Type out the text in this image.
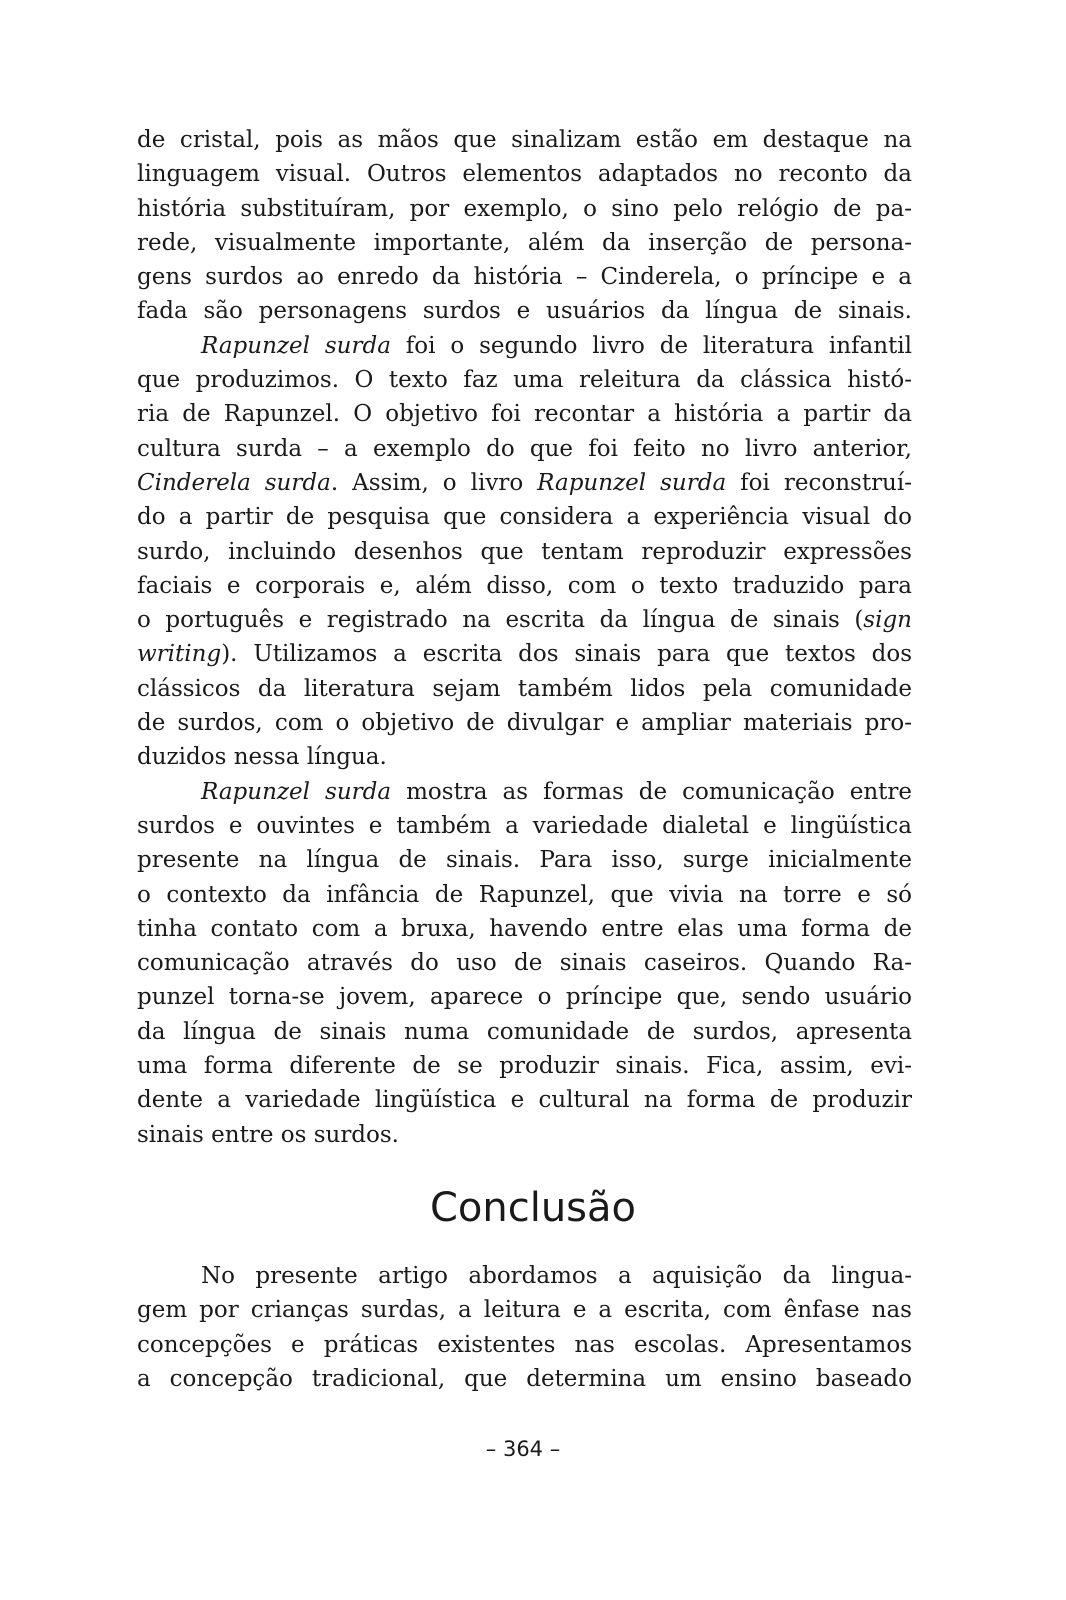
de cristal, pois as mãos que sinalizam estão em destaque na
linguagem visual. Outros elementos adaptados no reconto da
história substituíram, por exemplo, o sino pelo relógio de pa-
rede, visualmente importante, além da inserção de persona-
gens surdos ao enredo da história – Cinderela, o príncipe e a
fada são personagens surdos e usuários da língua de sinais.
Rapunzel surda foi o segundo livro de literatura infantil
que produzimos. O texto faz uma releitura da clássica histó-
ria de Rapunzel. O objetivo foi recontar a história a partir da
cultura surda – a exemplo do que foi feito no livro anterior,
Cinderela surda. Assim, o livro Rapunzel surda foi reconstruí-
do a partir de pesquisa que considera a experiência visual do
surdo, incluindo desenhos que tentam reproduzir expressões
faciais e corporais e, além disso, com o texto traduzido para
o português e registrado na escrita da língua de sinais (sign
writing). Utilizamos a escrita dos sinais para que textos dos
clássicos da literatura sejam também lidos pela comunidade
de surdos, com o objetivo de divulgar e ampliar materiais pro-
duzidos nessa língua.
Rapunzel surda mostra as formas de comunicação entre
surdos e ouvintes e também a variedade dialetal e lingüística
presente na língua de sinais. Para isso, surge inicialmente
o contexto da infância de Rapunzel, que vivia na torre e só
tinha contato com a bruxa, havendo entre elas uma forma de
comunicação através do uso de sinais caseiros. Quando Ra-
punzel torna-se jovem, aparece o príncipe que, sendo usuário
da língua de sinais numa comunidade de surdos, apresenta
uma forma diferente de se produzir sinais. Fica, assim, evi-
dente a variedade lingüística e cultural na forma de produzir
sinais entre os surdos.
Conclusão
No presente artigo abordamos a aquisição da lingua-
gem por crianças surdas, a leitura e a escrita, com ênfase nas
concepções e práticas existentes nas escolas. Apresentamos
a concepção tradicional, que determina um ensino baseado
– 364 –
